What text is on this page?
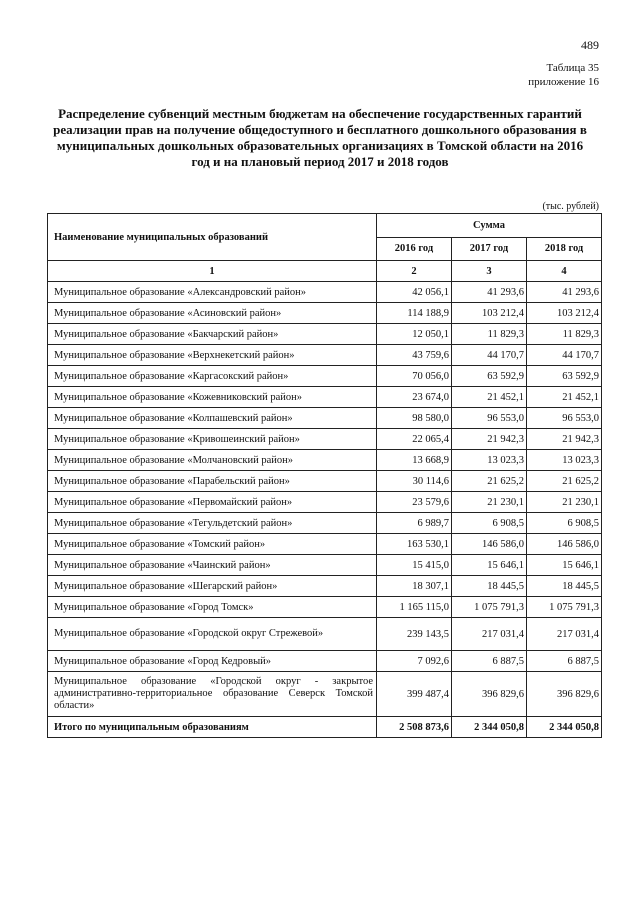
489
Таблица 35
приложение 16
Распределение субвенций местным бюджетам на обеспечение государственных гарантий реализации прав на получение общедоступного и бесплатного дошкольного образования в муниципальных дошкольных образовательных организациях в Томской области на 2016 год и на плановый период 2017 и 2018 годов
(тыс. рублей)
Наименование муниципальных образований	Сумма		
	2016 год	2017 год	2018 год
1	2	3	4
Муниципальное образование «Александровский район»	42 056,1	41 293,6	41 293,6
Муниципальное образование «Асиновский район»	114 188,9	103 212,4	103 212,4
Муниципальное образование «Бакчарский район»	12 050,1	11 829,3	11 829,3
Муниципальное образование «Верхнекетский район»	43 759,6	44 170,7	44 170,7
Муниципальное образование «Каргасокский район»	70 056,0	63 592,9	63 592,9
Муниципальное образование «Кожевниковский район»	23 674,0	21 452,1	21 452,1
Муниципальное образование «Колпашевский район»	98 580,0	96 553,0	96 553,0
Муниципальное образование «Кривошеинский район»	22 065,4	21 942,3	21 942,3
Муниципальное образование «Молчановский район»	13 668,9	13 023,3	13 023,3
Муниципальное образование «Парабельский район»	30 114,6	21 625,2	21 625,2
Муниципальное образование «Первомайский район»	23 579,6	21 230,1	21 230,1
Муниципальное образование «Тегульдетский район»	6 989,7	6 908,5	6 908,5
Муниципальное образование «Томский район»	163 530,1	146 586,0	146 586,0
Муниципальное образование «Чаинский район»	15 415,0	15 646,1	15 646,1
Муниципальное образование «Шегарский район»	18 307,1	18 445,5	18 445,5
Муниципальное образование «Город Томск»	1 165 115,0	1 075 791,3	1 075 791,3
Муниципальное образование «Городской округ Стрежевой»	239 143,5	217 031,4	217 031,4
Муниципальное образование «Город Кедровый»	7 092,6	6 887,5	6 887,5
Муниципальное образование «Городской округ - закрытое административно-территориальное образование Северск Томской области»	399 487,4	396 829,6	396 829,6
Итого по муниципальным образованиям	2 508 873,6	2 344 050,8	2 344 050,8
